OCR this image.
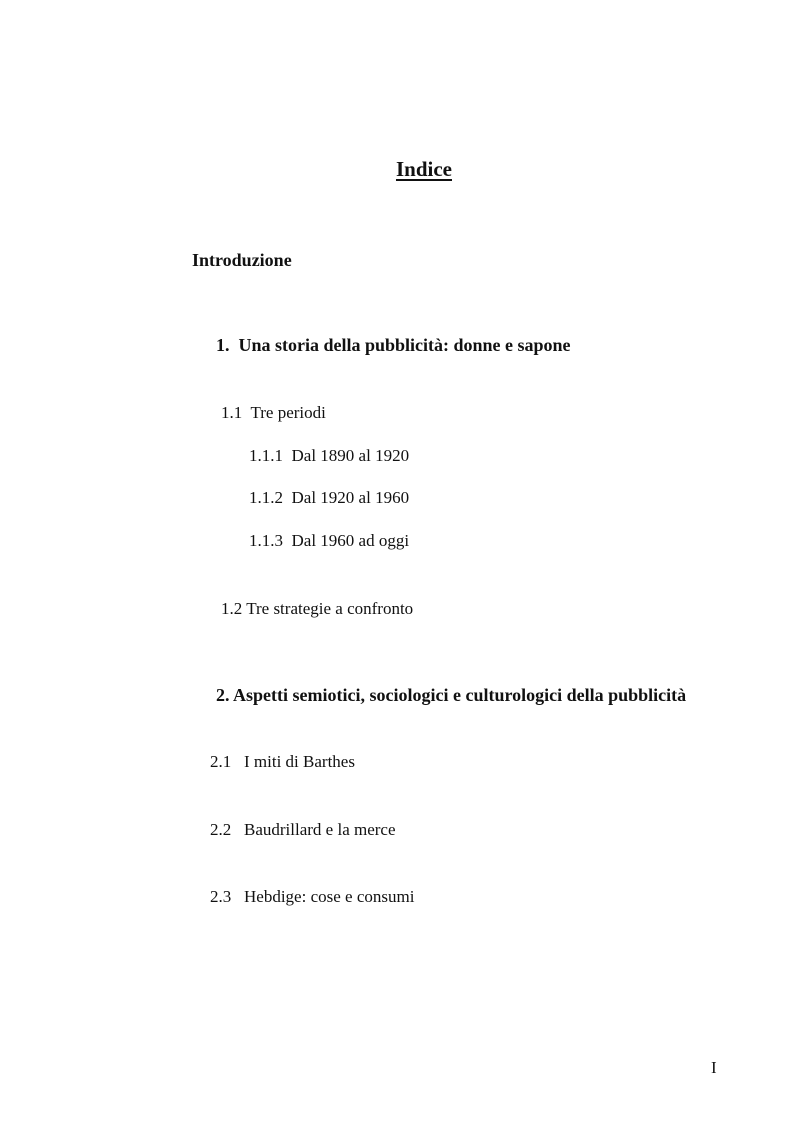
Indice
Introduzione
1. Una storia della pubblicità: donne e sapone
1.1 Tre periodi
1.1.1 Dal 1890 al 1920
1.1.2 Dal 1920 al 1960
1.1.3 Dal 1960 ad oggi
1.2 Tre strategie a confronto
2. Aspetti semiotici, sociologici e culturologici della pubblicità
2.1 I miti di Barthes
2.2 Baudrillard e la merce
2.3 Hebdige: cose e consumi
I
